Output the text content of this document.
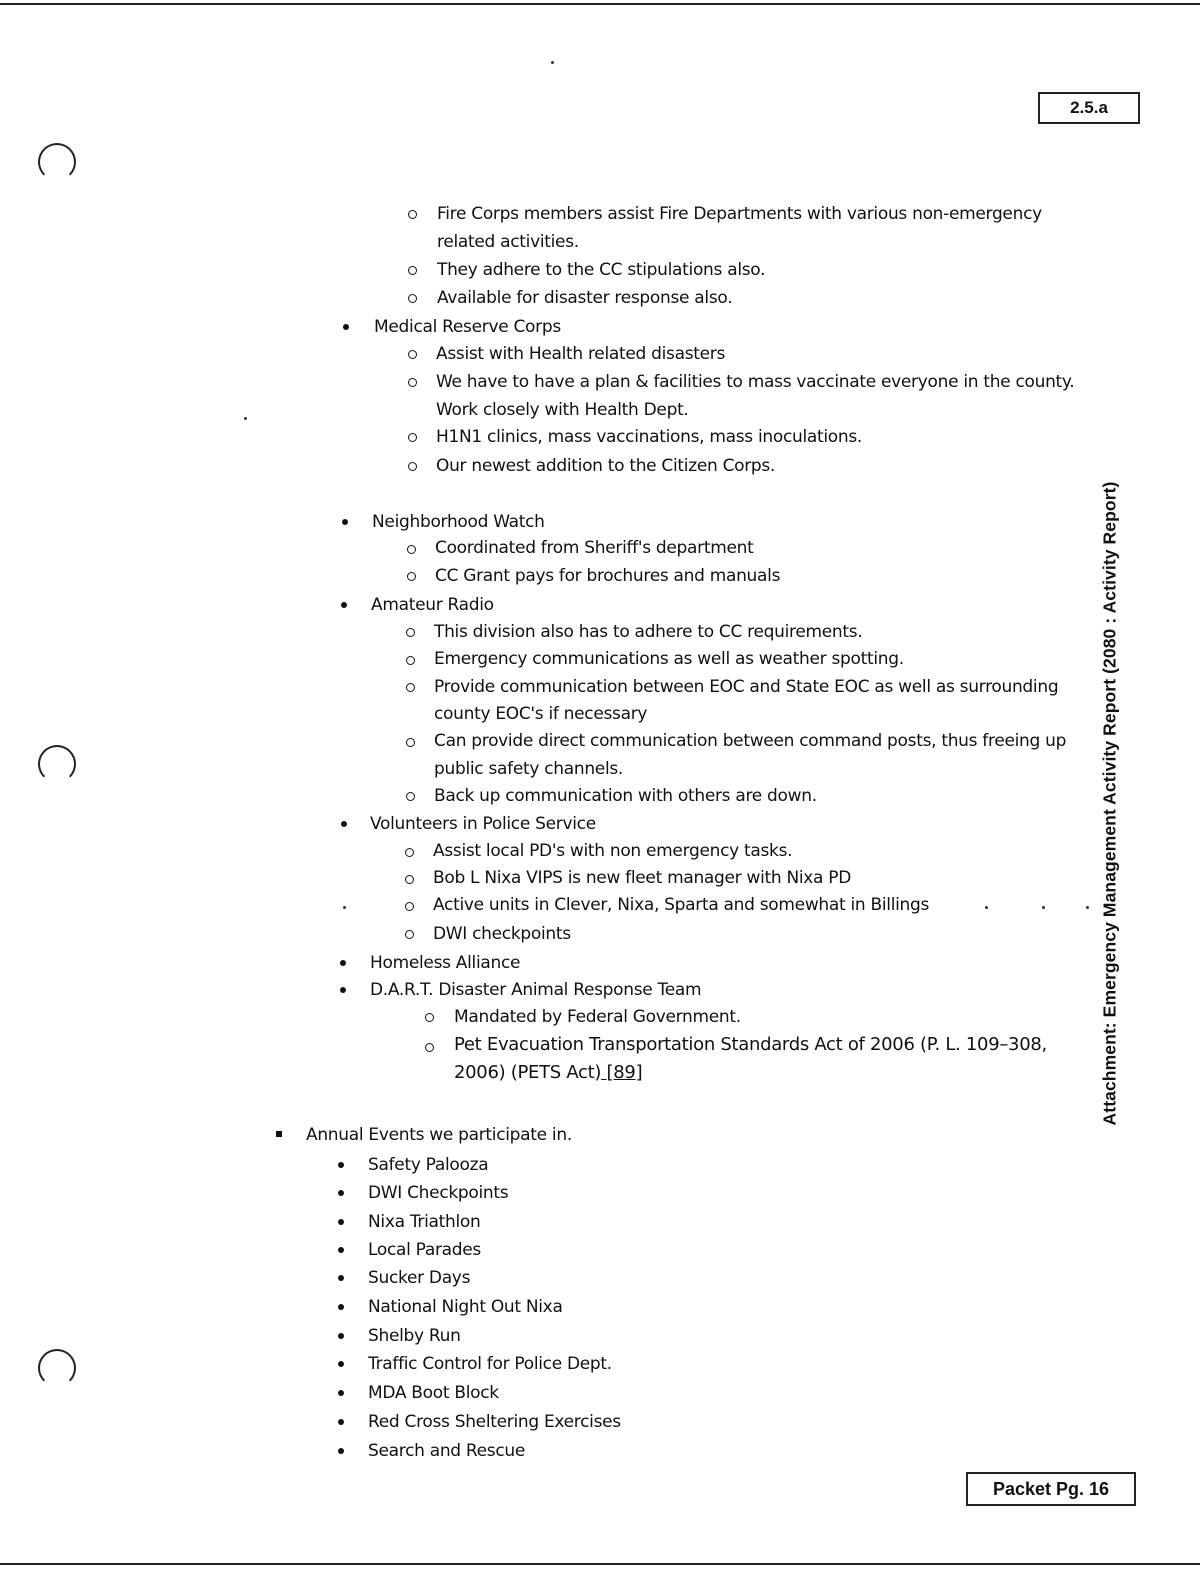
2.5.a
Attachment: Emergency Management Activity Report (2080 : Activity Report)
Packet Pg. 16
Fire Corps members assist Fire Departments with various non-emergency
related activities.
They adhere to the CC stipulations also.
Available for disaster response also.
Medical Reserve Corps
Assist with Health related disasters
We have to have a plan & facilities to mass vaccinate everyone in the county.
Work closely with Health Dept.
H1N1 clinics, mass vaccinations, mass inoculations.
Our newest addition to the Citizen Corps.
Neighborhood Watch
Coordinated from Sheriff's department
CC Grant pays for brochures and manuals
Amateur Radio
This division also has to adhere to CC requirements.
Emergency communications as well as weather spotting.
Provide communication between EOC and State EOC as well as surrounding
county EOC's if necessary
Can provide direct communication between command posts, thus freeing up
public safety channels.
Back up communication with others are down.
Volunteers in Police Service
Assist local PD's with non emergency tasks.
Bob L Nixa VIPS is new fleet manager with Nixa PD
Active units in Clever, Nixa, Sparta and somewhat in Billings
DWI checkpoints
Homeless Alliance
D.A.R.T. Disaster Animal Response Team
Mandated by Federal Government.
Pet Evacuation Transportation Standards Act of 2006 (P. L. 109–308,
2006) (PETS Act) [89]
Annual Events we participate in.
Safety Palooza
DWI Checkpoints
Nixa Triathlon
Local Parades
Sucker Days
National Night Out Nixa
Shelby Run
Traffic Control for Police Dept.
MDA Boot Block
Red Cross Sheltering Exercises
Search and Rescue
